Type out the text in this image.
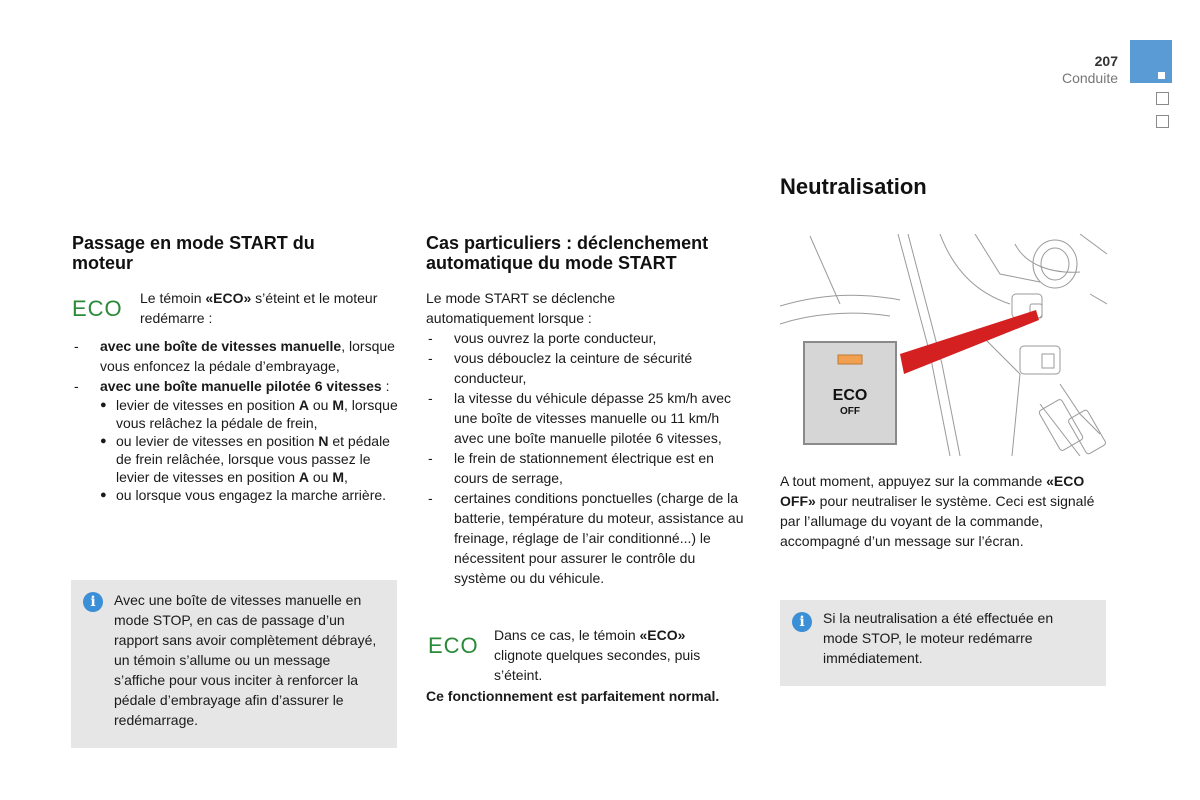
207
Conduite
Passage en mode START du moteur
ECO Le témoin «ECO» s’éteint et le moteur redémarre :
- avec une boîte de vitesses manuelle, lorsque vous enfoncez la pédale d’embrayage,
- avec une boîte manuelle pilotée 6 vitesses :
● levier de vitesses en position A ou M, lorsque vous relâchez la pédale de frein,
● ou levier de vitesses en position N et pédale de frein relâchée, lorsque vous passez le levier de vitesses en position A ou M,
● ou lorsque vous engagez la marche arrière.
i	Avec une boîte de vitesses manuelle en mode STOP, en cas de passage d’un rapport sans avoir complètement débrayé, un témoin s’allume ou un message s’affiche pour vous inciter à renforcer la pédale d’embrayage afin d’assurer le redémarrage.
Cas particuliers : déclenchement automatique du mode START
Le mode START se déclenche automatiquement lorsque :
- vous ouvrez la porte conducteur,
- vous débouclez la ceinture de sécurité conducteur,
- la vitesse du véhicule dépasse 25 km/h avec une boîte de vitesses manuelle ou 11 km/h avec une boîte manuelle pilotée 6 vitesses,
- le frein de stationnement électrique est en cours de serrage,
- certaines conditions ponctuelles (charge de la batterie, température du moteur, assistance au freinage, réglage de l’air conditionné...) le nécessitent pour assurer le contrôle du système ou du véhicule.
ECO Dans ce cas, le témoin «ECO» clignote quelques secondes, puis s’éteint.
Ce fonctionnement est parfaitement normal.
Neutralisation
ECO
OFF
A tout moment, appuyez sur la commande «ECO OFF» pour neutraliser le système. Ceci est signalé par l’allumage du voyant de la commande, accompagné d’un message sur l’écran.
i	Si la neutralisation a été effectuée en mode STOP, le moteur redémarre immédiatement.
